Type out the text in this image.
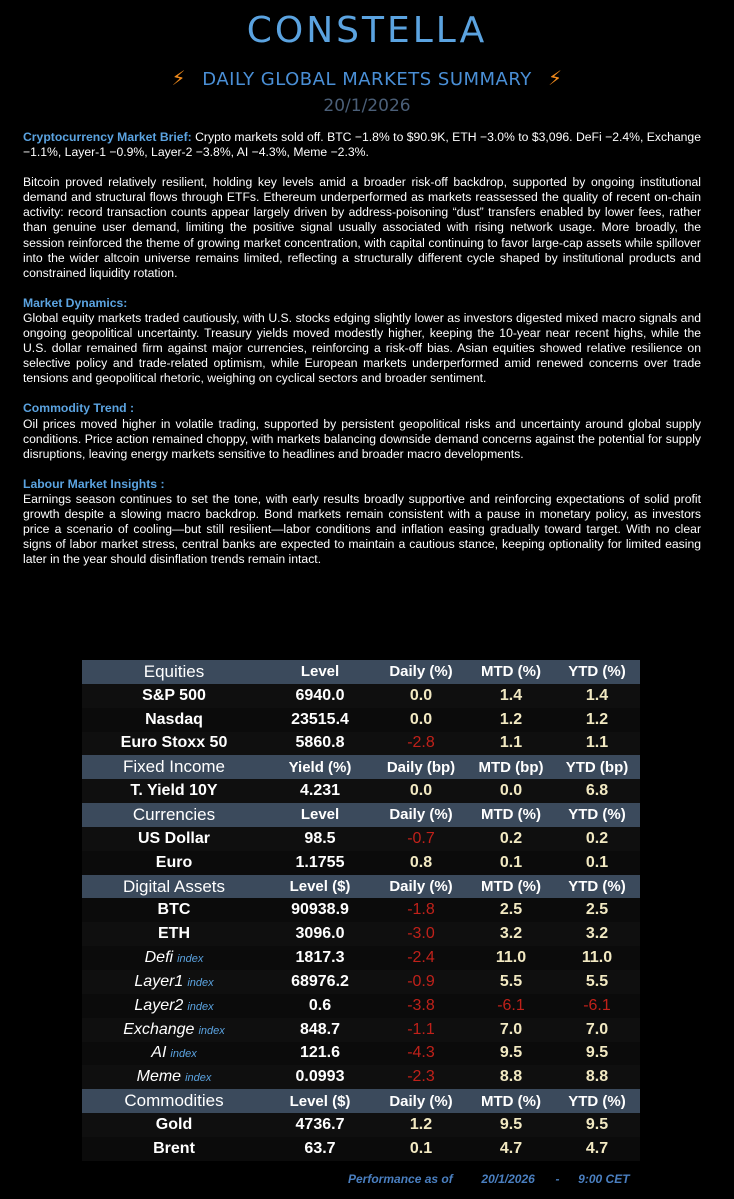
CONSTELLA
⚡ DAILY GLOBAL MARKETS SUMMARY ⚡
20/1/2026

Cryptocurrency Market Brief: Crypto markets sold off. BTC −1.8% to $90.9K, ETH −3.0% to $3,096. DeFi −2.4%, Exchange −1.1%, Layer-1 −0.9%, Layer-2 −3.8%, AI −4.3%, Meme −2.3%.

Bitcoin proved relatively resilient, holding key levels amid a broader risk-off backdrop, supported by ongoing institutional demand and structural flows through ETFs. Ethereum underperformed as markets reassessed the quality of recent on-chain activity: record transaction counts appear largely driven by address-poisoning “dust” transfers enabled by lower fees, rather than genuine user demand, limiting the positive signal usually associated with rising network usage. More broadly, the session reinforced the theme of growing market concentration, with capital continuing to favor large-cap assets while spillover into the wider altcoin universe remains limited, reflecting a structurally different cycle shaped by institutional products and constrained liquidity rotation.

Market Dynamics:
Global equity markets traded cautiously, with U.S. stocks edging slightly lower as investors digested mixed macro signals and ongoing geopolitical uncertainty. Treasury yields moved modestly higher, keeping the 10-year near recent highs, while the U.S. dollar remained firm against major currencies, reinforcing a risk-off bias. Asian equities showed relative resilience on selective policy and trade-related optimism, while European markets underperformed amid renewed concerns over trade tensions and geopolitical rhetoric, weighing on cyclical sectors and broader sentiment.

Commodity Trend :
Oil prices moved higher in volatile trading, supported by persistent geopolitical risks and uncertainty around global supply conditions. Price action remained choppy, with markets balancing downside demand concerns against the potential for supply disruptions, leaving energy markets sensitive to headlines and broader macro developments.

Labour Market Insights :
Earnings season continues to set the tone, with early results broadly supportive and reinforcing expectations of solid profit growth despite a slowing macro backdrop. Bond markets remain consistent with a pause in monetary policy, as investors price a scenario of cooling—but still resilient—labor conditions and inflation easing gradually toward target. With no clear signs of labor market stress, central banks are expected to maintain a cautious stance, keeping optionality for limited easing later in the year should disinflation trends remain intact.

Equities	Level	Daily (%)	MTD (%)	YTD (%)
S&P 500	6940.0	0.0	1.4	1.4
Nasdaq	23515.4	0.0	1.2	1.2
Euro Stoxx 50	5860.8	-2.8	1.1	1.1
Fixed Income	Yield (%)	Daily (bp)	MTD (bp)	YTD (bp)
T. Yield 10Y	4.231	0.0	0.0	6.8
Currencies	Level	Daily (%)	MTD (%)	YTD (%)
US Dollar	98.5	-0.7	0.2	0.2
Euro	1.1755	0.8	0.1	0.1
Digital Assets	Level ($)	Daily (%)	MTD (%)	YTD (%)
BTC	90938.9	-1.8	2.5	2.5
ETH	3096.0	-3.0	3.2	3.2
Defi index	1817.3	-2.4	11.0	11.0
Layer1 index	68976.2	-0.9	5.5	5.5
Layer2 index	0.6	-3.8	-6.1	-6.1
Exchange index	848.7	-1.1	7.0	7.0
AI index	121.6	-4.3	9.5	9.5
Meme index	0.0993	-2.3	8.8	8.8
Commodities	Level ($)	Daily (%)	MTD (%)	YTD (%)
Gold	4736.7	1.2	9.5	9.5
Brent	63.7	0.1	4.7	4.7
Performance as of 20/1/2026 - 9:00 CET
